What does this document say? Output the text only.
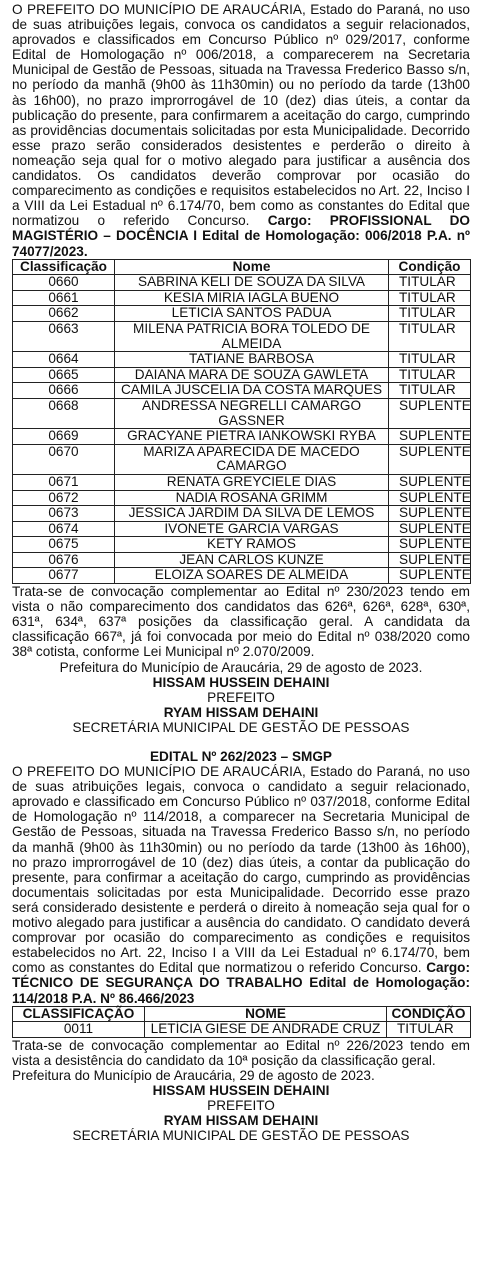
O PREFEITO DO MUNICÍPIO DE ARAUCÁRIA, Estado do Paraná, no uso de suas atribuições legais, convoca os candidatos a seguir relacionados, aprovados e classificados em Concurso Público nº 029/2017, conforme Edital de Homologação nº 006/2018, a comparecerem na Secretaria Municipal de Gestão de Pessoas, situada na Travessa Frederico Basso s/n, no período da manhã (9h00 às 11h30min) ou no período da tarde (13h00 às 16h00), no prazo improrrogável de 10 (dez) dias úteis, a contar da publicação do presente, para confirmarem a aceitação do cargo, cumprindo as providências documentais solicitadas por esta Municipalidade. Decorrido esse prazo serão considerados desistentes e perderão o direito à nomeação seja qual for o motivo alegado para justificar a ausência dos candidatos. Os candidatos deverão comprovar por ocasião do comparecimento as condições e requisitos estabelecidos no Art. 22, Inciso I a VIII da Lei Estadual nº 6.174/70, bem como as constantes do Edital que normatizou o referido Concurso. Cargo: PROFISSIONAL DO MAGISTÉRIO – DOCÊNCIA I Edital de Homologação: 006/2018 P.A. nº 74077/2023.

Classificação	Nome	Condição
0660	SABRINA KELI DE SOUZA DA SILVA	TITULAR
0661	KESIA MIRIA IAGLA BUENO	TITULAR
0662	LETICIA SANTOS PADUA	TITULAR
0663	MILENA PATRICIA BORA TOLEDO DE ALMEIDA	TITULAR
0664	TATIANE BARBOSA	TITULAR
0665	DAIANA MARA DE SOUZA GAWLETA	TITULAR
0666	CAMILA JUSCELIA DA COSTA MARQUES	TITULAR
0668	ANDRESSA NEGRELLI CAMARGO GASSNER	SUPLENTE
0669	GRACYANE PIETRA IANKOWSKI RYBA	SUPLENTE
0670	MARIZA APARECIDA DE MACEDO CAMARGO	SUPLENTE
0671	RENATA GREYCIELE DIAS	SUPLENTE
0672	NADIA ROSANA GRIMM	SUPLENTE
0673	JESSICA JARDIM DA SILVA DE LEMOS	SUPLENTE
0674	IVONETE GARCIA VARGAS	SUPLENTE
0675	KETY RAMOS	SUPLENTE
0676	JEAN CARLOS KUNZE	SUPLENTE
0677	ELOIZA SOARES DE ALMEIDA	SUPLENTE

Trata-se de convocação complementar ao Edital nº 230/2023 tendo em vista o não comparecimento dos candidatos das 626ª, 626ª, 628ª, 630ª, 631ª, 634ª, 637ª posições da classificação geral. A candidata da classificação 667ª, já foi convocada por meio do Edital nº 038/2020 como 38ª cotista, conforme Lei Municipal nº 2.070/2009.

Prefeitura do Município de Araucária, 29 de agosto de 2023.

HISSAM HUSSEIN DEHAINI

PREFEITO

RYAM HISSAM DEHAINI

SECRETÁRIA MUNICIPAL DE GESTÃO DE PESSOAS

EDITAL Nº 262/2023 – SMGP

O PREFEITO DO MUNICÍPIO DE ARAUCÁRIA, Estado do Paraná, no uso de suas atribuições legais, convoca o candidato a seguir relacionado, aprovado e classificado em Concurso Público nº 037/2018, conforme Edital de Homologação nº 114/2018, a comparecer na Secretaria Municipal de Gestão de Pessoas, situada na Travessa Frederico Basso s/n, no período da manhã (9h00 às 11h30min) ou no período da tarde (13h00 às 16h00), no prazo improrrogável de 10 (dez) dias úteis, a contar da publicação do presente, para confirmar a aceitação do cargo, cumprindo as providências documentais solicitadas por esta Municipalidade. Decorrido esse prazo será considerado desistente e perderá o direito à nomeação seja qual for o motivo alegado para justificar a ausência do candidato. O candidato deverá comprovar por ocasião do comparecimento as condições e requisitos estabelecidos no Art. 22, Inciso I a VIII da Lei Estadual nº 6.174/70, bem como as constantes do Edital que normatizou o referido Concurso. Cargo: TÉCNICO DE SEGURANÇA DO TRABALHO Edital de Homologação: 114/2018 P.A. Nº 86.466/2023

CLASSIFICAÇÃO	NOME	CONDIÇÃO
0011	LETÍCIA GIESE DE ANDRADE CRUZ	TITULAR

Trata-se de convocação complementar ao Edital nº 226/2023 tendo em vista a desistência do candidato da 10ª posição da classificação geral.

Prefeitura do Município de Araucária, 29 de agosto de 2023.

HISSAM HUSSEIN DEHAINI

PREFEITO

RYAM HISSAM DEHAINI

SECRETÁRIA MUNICIPAL DE GESTÃO DE PESSOAS
